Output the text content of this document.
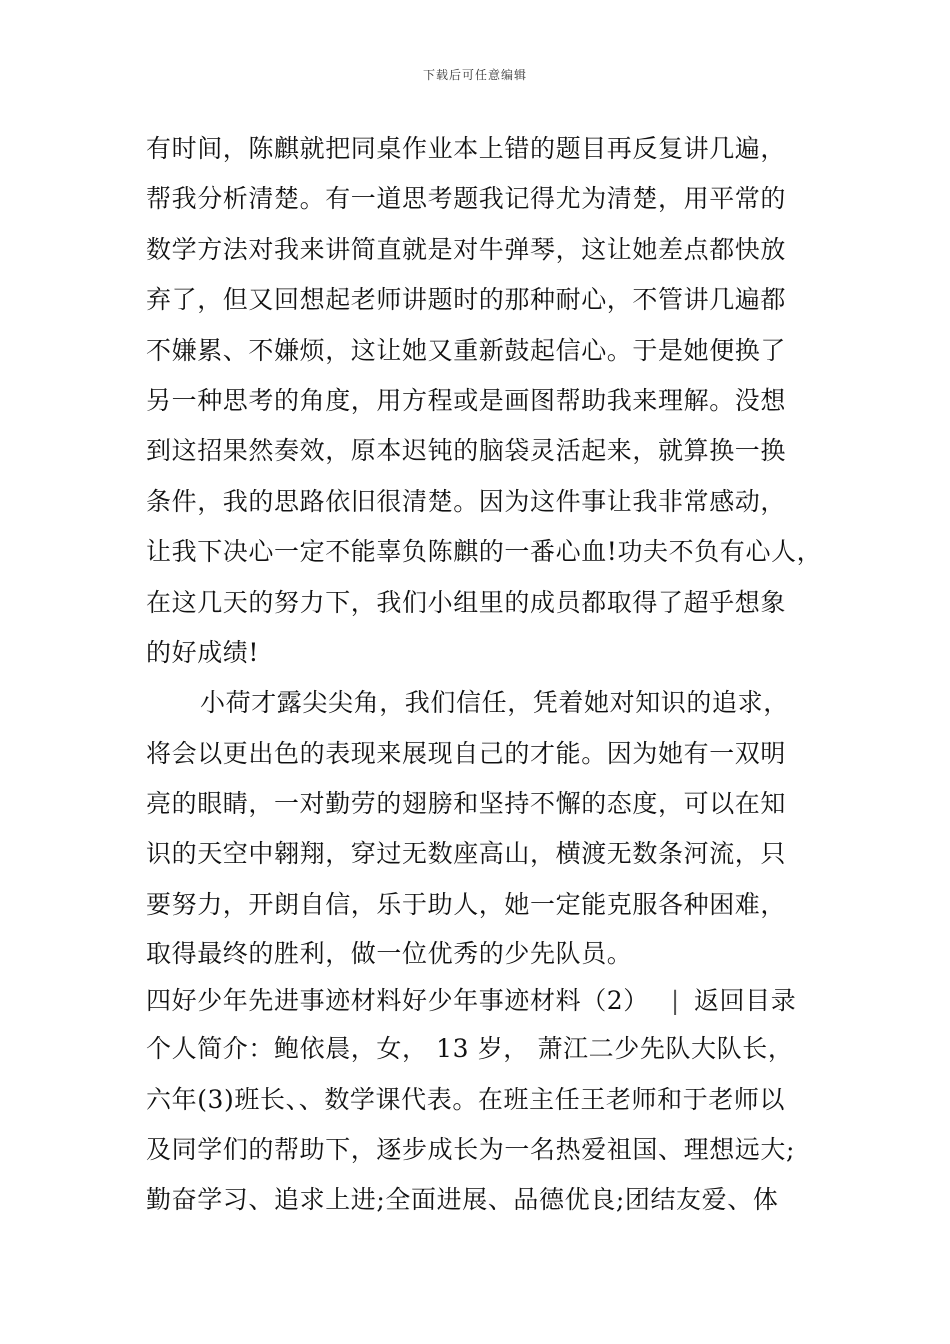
下载后可任意编辑
有时间，陈麒就把同桌作业本上错的题目再反复讲几遍，
帮我分析清楚。有一道思考题我记得尤为清楚，用平常的
数学方法对我来讲简直就是对牛弹琴，这让她差点都快放
弃了，但又回想起老师讲题时的那种耐心，不管讲几遍都
不嫌累、不嫌烦，这让她又重新鼓起信心。于是她便换了
另一种思考的角度，用方程或是画图帮助我来理解。没想
到这招果然奏效，原本迟钝的脑袋灵活起来，就算换一换
条件，我的思路依旧很清楚。因为这件事让我非常感动，
让我下决心一定不能辜负陈麒的一番心血!功夫不负有心人，
在这几天的努力下，我们小组里的成员都取得了超乎想象
的好成绩!
小荷才露尖尖角，我们信任，凭着她对知识的追求，
将会以更出色的表现来展现自己的才能。因为她有一双明
亮的眼睛，一对勤劳的翅膀和坚持不懈的态度，可以在知
识的天空中翱翔，穿过无数座高山，横渡无数条河流，只
要努力，开朗自信，乐于助人，她一定能克服各种困难，
取得最终的胜利，做一位优秀的少先队员。
四好少年先进事迹材料好少年事迹材料（2） | 返回目录
个人简介：鲍依晨，女， 13 岁， 萧江二少先队大队长，
六年(3)班长、、数学课代表。在班主任王老师和于老师以
及同学们的帮助下，逐步成长为一名热爱祖国、理想远大;
勤奋学习、追求上进;全面进展、品德优良;团结友爱、体
